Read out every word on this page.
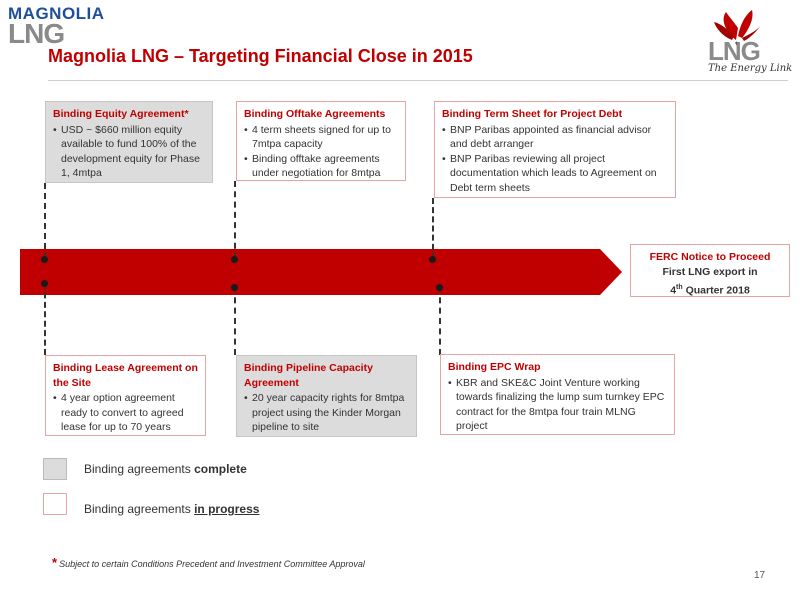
MAGNOLIA
LNG
LNG
The Energy Link
Magnolia LNG – Targeting Financial Close in 2015
Binding Equity Agreement*
• USD ~ $660 million equity available to fund 100% of the development equity for Phase 1, 4mtpa
Binding Offtake Agreements
• 4 term sheets signed for up to 7mtpa capacity
• Binding offtake agreements under negotiation for 8mtpa
Binding Term Sheet for Project Debt
• BNP Paribas appointed as financial advisor and debt arranger
• BNP Paribas reviewing all project documentation which leads to Agreement on Debt term sheets
FERC Notice to Proceed
First LNG export in
4th Quarter 2018
Binding Lease Agreement on the Site
• 4 year option agreement ready to convert to agreed lease for up to 70 years
Binding Pipeline Capacity Agreement
• 20 year capacity rights for 8mtpa project using the Kinder Morgan pipeline to site
Binding EPC Wrap
• KBR and SKE&C Joint Venture working towards finalizing the lump sum turnkey EPC contract for the 8mtpa four train MLNG project
Binding agreements complete
Binding agreements in progress
* Subject to certain Conditions Precedent and Investment Committee Approval
17
